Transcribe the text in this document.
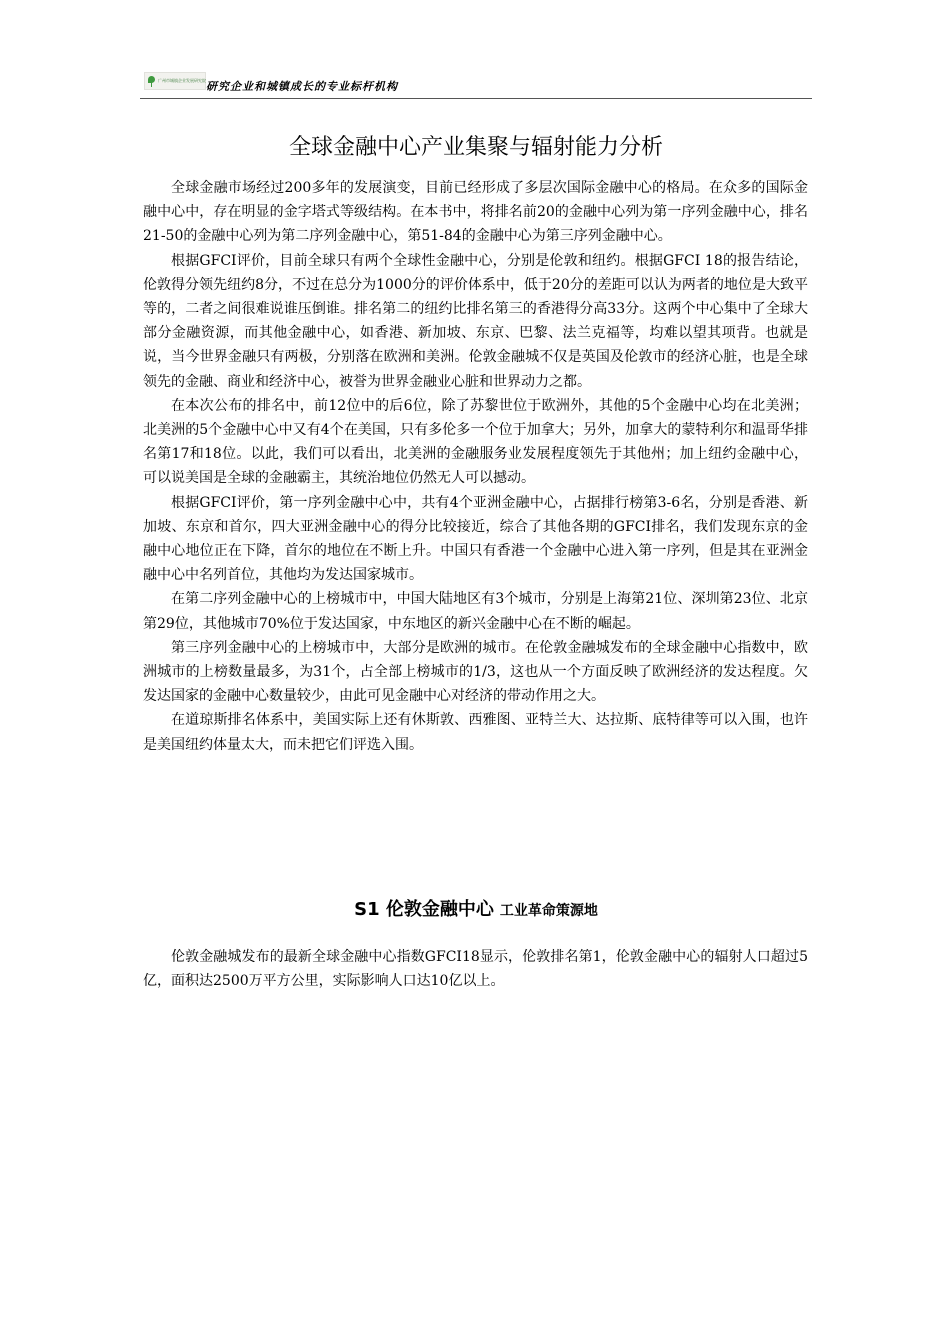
广州市城镇企业发展研究院 研究企业和城镇成长的专业标杆机构
全球金融中心产业集聚与辐射能力分析

全球金融市场经过200多年的发展演变，目前已经形成了多层次国际金融中心的格局。在众多的国际金融中心中，存在明显的金字塔式等级结构。在本书中，将排名前20的金融中心列为第一序列金融中心，排名21-50的金融中心列为第二序列金融中心，第51-84的金融中心为第三序列金融中心。

根据GFCI评价，目前全球只有两个全球性金融中心，分别是伦敦和纽约。根据GFCI 18的报告结论，伦敦得分领先纽约8分，不过在总分为1000分的评价体系中，低于20分的差距可以认为两者的地位是大致平等的，二者之间很难说谁压倒谁。排名第二的纽约比排名第三的香港得分高33分。这两个中心集中了全球大部分金融资源，而其他金融中心，如香港、新加坡、东京、巴黎、法兰克福等，均难以望其项背。也就是说，当今世界金融只有两极，分别落在欧洲和美洲。伦敦金融城不仅是英国及伦敦市的经济心脏，也是全球领先的金融、商业和经济中心，被誉为世界金融业心脏和世界动力之都。

在本次公布的排名中，前12位中的后6位，除了苏黎世位于欧洲外，其他的5个金融中心均在北美洲；北美洲的5个金融中心中又有4个在美国，只有多伦多一个位于加拿大；另外，加拿大的蒙特利尔和温哥华排名第17和18位。以此，我们可以看出，北美洲的金融服务业发展程度领先于其他州；加上纽约金融中心，可以说美国是全球的金融霸主，其统治地位仍然无人可以撼动。

根据GFCI评价，第一序列金融中心中，共有4个亚洲金融中心，占据排行榜第3-6名，分别是香港、新加坡、东京和首尔，四大亚洲金融中心的得分比较接近，综合了其他各期的GFCI排名，我们发现东京的金融中心地位正在下降，首尔的地位在不断上升。中国只有香港一个金融中心进入第一序列，但是其在亚洲金融中心中名列首位，其他均为发达国家城市。

在第二序列金融中心的上榜城市中，中国大陆地区有3个城市，分别是上海第21位、深圳第23位、北京第29位，其他城市70%位于发达国家，中东地区的新兴金融中心在不断的崛起。

第三序列金融中心的上榜城市中，大部分是欧洲的城市。在伦敦金融城发布的全球金融中心指数中，欧洲城市的上榜数量最多，为31个，占全部上榜城市的1/3，这也从一个方面反映了欧洲经济的发达程度。欠发达国家的金融中心数量较少，由此可见金融中心对经济的带动作用之大。

在道琼斯排名体系中，美国实际上还有休斯敦、西雅图、亚特兰大、达拉斯、底特律等可以入围，也许是美国纽约体量太大，而未把它们评选入围。

S1 伦敦金融中心 工业革命策源地

伦敦金融城发布的最新全球金融中心指数GFCI18显示，伦敦排名第1，伦敦金融中心的辐射人口超过5亿，面积达2500万平方公里，实际影响人口达10亿以上。
